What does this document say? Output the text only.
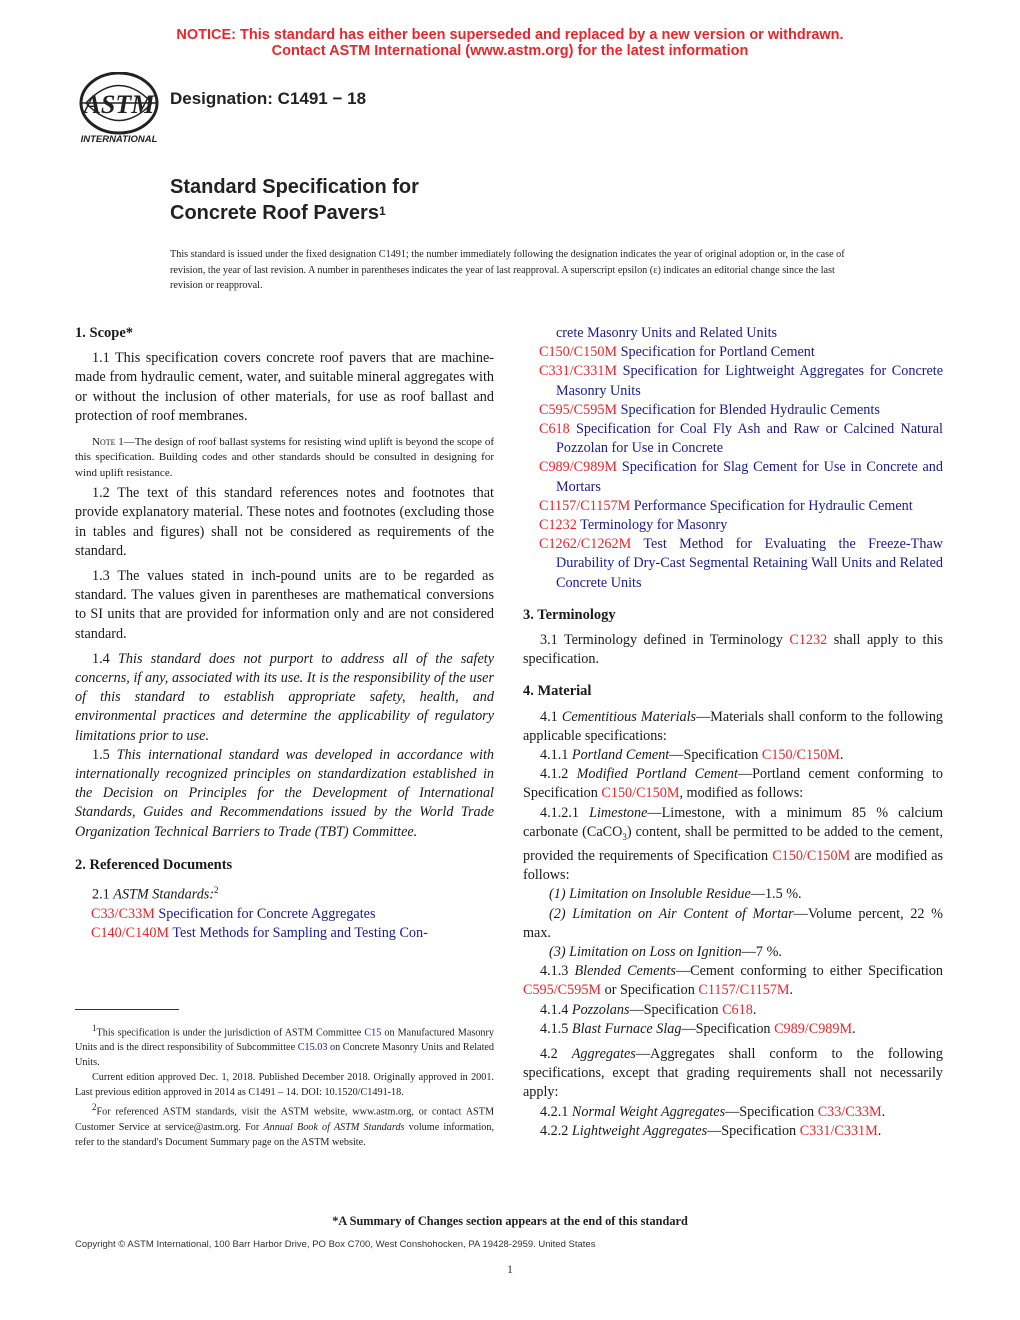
NOTICE: This standard has either been superseded and replaced by a new version or withdrawn.
Contact ASTM International (www.astm.org) for the latest information
ASTM
INTERNATIONAL
Designation: C1491 − 18
Standard Specification for
Concrete Roof Pavers$^1$
This standard is issued under the fixed designation C1491; the number immediately following the designation indicates the year of original adoption or, in the case of revision, the year of last revision. A number in parentheses indicates the year of last reapproval. A superscript epsilon (ε) indicates an editorial change since the last revision or reapproval.

1. Scope*

1.1 This specification covers concrete roof pavers that are machine-made from hydraulic cement, water, and suitable mineral aggregates with or without the inclusion of other materials, for use as roof ballast and protection of roof membranes.

Note 1—The design of roof ballast systems for resisting wind uplift is beyond the scope of this specification. Building codes and other standards should be consulted in designing for wind uplift resistance.

1.2 The text of this standard references notes and footnotes that provide explanatory material. These notes and footnotes (excluding those in tables and figures) shall not be considered as requirements of the standard.

1.3 The values stated in inch-pound units are to be regarded as standard. The values given in parentheses are mathematical conversions to SI units that are provided for information only and are not considered standard.

1.4 This standard does not purport to address all of the safety concerns, if any, associated with its use. It is the responsibility of the user of this standard to establish appropriate safety, health, and environmental practices and determine the applicability of regulatory limitations prior to use.

1.5 This international standard was developed in accordance with internationally recognized principles on standardization established in the Decision on Principles for the Development of International Standards, Guides and Recommendations issued by the World Trade Organization Technical Barriers to Trade (TBT) Committee.

2. Referenced Documents

2.1 ASTM Standards:$^2$

C33/C33M Specification for Concrete Aggregates

C140/C140M Test Methods for Sampling and Testing Con-

$^1$This specification is under the jurisdiction of ASTM Committee C15 on Manufactured Masonry Units and is the direct responsibility of Subcommittee C15.03 on Concrete Masonry Units and Related Units.

Current edition approved Dec. 1, 2018. Published December 2018. Originally approved in 2001. Last previous edition approved in 2014 as C1491 – 14. DOI: 10.1520/C1491-18.

$^2$For referenced ASTM standards, visit the ASTM website, www.astm.org, or contact ASTM Customer Service at service@astm.org. For Annual Book of ASTM Standards volume information, refer to the standard's Document Summary page on the ASTM website.

crete Masonry Units and Related Units

C150/C150M Specification for Portland Cement

C331/C331M Specification for Lightweight Aggregates for Concrete Masonry Units

C595/C595M Specification for Blended Hydraulic Cements

C618 Specification for Coal Fly Ash and Raw or Calcined Natural Pozzolan for Use in Concrete

C989/C989M Specification for Slag Cement for Use in Concrete and Mortars

C1157/C1157M Performance Specification for Hydraulic Cement

C1232 Terminology for Masonry

C1262/C1262M Test Method for Evaluating the Freeze-Thaw Durability of Dry-Cast Segmental Retaining Wall Units and Related Concrete Units

3. Terminology

3.1 Terminology defined in Terminology C1232 shall apply to this specification.

4. Material

4.1 Cementitious Materials—Materials shall conform to the following applicable specifications:

4.1.1 Portland Cement—Specification C150/C150M.

4.1.2 Modified Portland Cement—Portland cement conforming to Specification C150/C150M, modified as follows:

4.1.2.1 Limestone—Limestone, with a minimum 85 % calcium carbonate (CaCO$_3$) content, shall be permitted to be added to the cement, provided the requirements of Specification C150/C150M are modified as follows:

(1) Limitation on Insoluble Residue—1.5 %.

(2) Limitation on Air Content of Mortar—Volume percent, 22 % max.

(3) Limitation on Loss on Ignition—7 %.

4.1.3 Blended Cements—Cement conforming to either Specification C595/C595M or Specification C1157/C1157M.

4.1.4 Pozzolans—Specification C618.

4.1.5 Blast Furnace Slag—Specification C989/C989M.

4.2 Aggregates—Aggregates shall conform to the following specifications, except that grading requirements shall not necessarily apply:

4.2.1 Normal Weight Aggregates—Specification C33/C33M.

4.2.2 Lightweight Aggregates—Specification C331/C331M.

*A Summary of Changes section appears at the end of this standard
Copyright © ASTM International, 100 Barr Harbor Drive, PO Box C700, West Conshohocken, PA 19428-2959. United States
1
